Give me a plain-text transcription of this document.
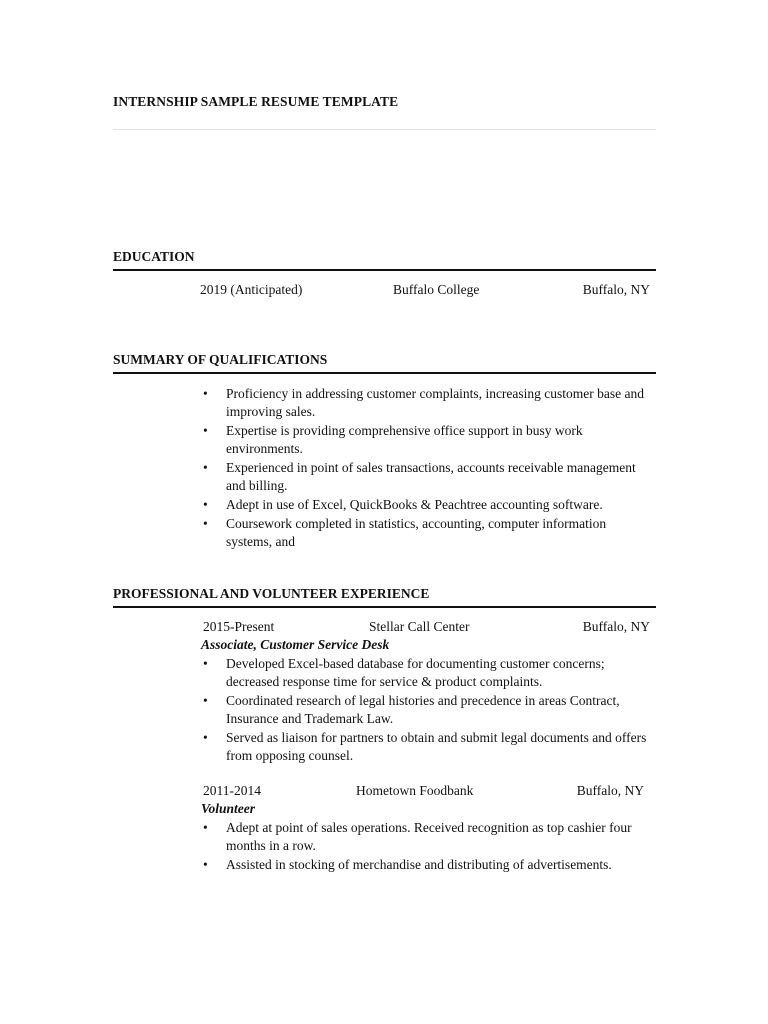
INTERNSHIP SAMPLE RESUME TEMPLATE
EDUCATION
2019 (Anticipated)	Buffalo College	Buffalo, NY
SUMMARY OF QUALIFICATIONS
• Proficiency in addressing customer complaints, increasing customer base and improving sales.
• Expertise is providing comprehensive office support in busy work environments.
• Experienced in point of sales transactions, accounts receivable management and billing.
• Adept in use of Excel, QuickBooks & Peachtree accounting software.
• Coursework completed in statistics, accounting, computer information systems, and
PROFESSIONAL AND VOLUNTEER EXPERIENCE
2015-Present	Stellar Call Center	Buffalo, NY
Associate, Customer Service Desk
• Developed Excel-based database for documenting customer concerns; decreased response time for service & product complaints.
• Coordinated research of legal histories and precedence in areas Contract, Insurance and Trademark Law.
• Served as liaison for partners to obtain and submit legal documents and offers from opposing counsel.
2011-2014	Hometown Foodbank	Buffalo, NY
Volunteer
• Adept at point of sales operations. Received recognition as top cashier four months in a row.
• Assisted in stocking of merchandise and distributing of advertisements.
